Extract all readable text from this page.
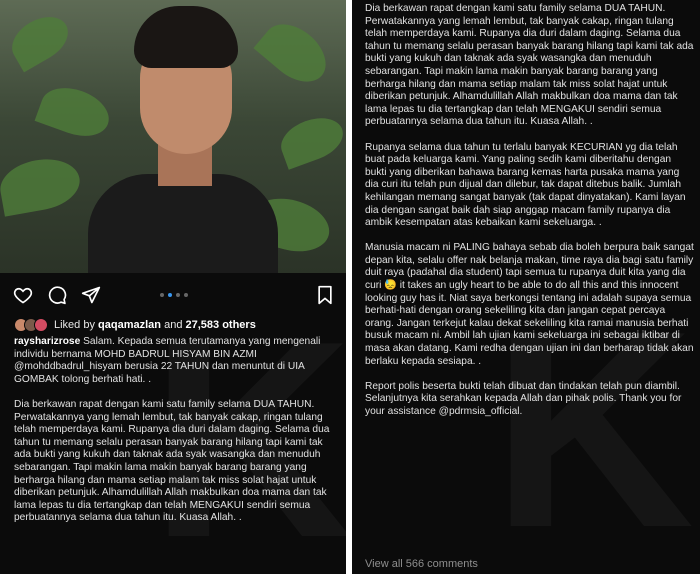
Liked by qaqamazlan and 27,583 others

raysharizrose Salam. Kepada semua terutamanya yang mengenali individu bernama MOHD BADRUL HISYAM BIN AZMI @mohddbadrul_hisyam berusia 22 TAHUN dan menuntut di UIA GOMBAK tolong berhati hati. .

Dia berkawan rapat dengan kami satu family selama DUA TAHUN. Perwatakannya yang lemah lembut, tak banyak cakap, ringan tulang telah memperdaya kami. Rupanya dia duri dalam daging. Selama dua tahun tu memang selalu perasan banyak barang hilang tapi kami tak ada bukti yang kukuh dan taknak ada syak wasangka dan menuduh sebarangan. Tapi makin lama makin banyak barang barang yang berharga hilang dan mama setiap malam tak miss solat hajat untuk diberikan petunjuk. Alhamdulillah Allah makbulkan doa mama dan tak lama lepas tu dia tertangkap dan telah MENGAKUI sendiri semua perbuatannya selama dua tahun itu. Kuasa Allah. .

Dia berkawan rapat dengan kami satu family selama DUA TAHUN. Perwatakannya yang lemah lembut, tak banyak cakap, ringan tulang telah memperdaya kami. Rupanya dia duri dalam daging. Selama dua tahun tu memang selalu perasan banyak barang hilang tapi kami tak ada bukti yang kukuh dan taknak ada syak wasangka dan menuduh sebarangan. Tapi makin lama makin banyak barang barang yang berharga hilang dan mama setiap malam tak miss solat hajat untuk diberikan petunjuk. Alhamdulillah Allah makbulkan doa mama dan tak lama lepas tu dia tertangkap dan telah MENGAKUI sendiri semua perbuatannya selama dua tahun itu. Kuasa Allah. .

Rupanya selama dua tahun tu terlalu banyak KECURIAN yg dia telah buat pada keluarga kami. Yang paling sedih kami diberitahu dengan bukti yang diberikan bahawa barang kemas harta pusaka mama yang dia curi itu telah pun dijual dan dilebur, tak dapat ditebus balik. Jumlah kehilangan memang sangat banyak (tak dapat dinyatakan). Kami layan dia dengan sangat baik dah siap anggap macam family rupanya dia ambik kesempatan atas kebaikan kami sekeluarga. .

Manusia macam ni PALING bahaya sebab dia boleh berpura baik sangat depan kita, selalu offer nak belanja makan, time raya dia bagi satu family duit raya (padahal dia student) tapi semua tu rupanya duit kita yang dia curi 😓 it takes an ugly heart to be able to do all this and this innocent looking guy has it. Niat saya berkongsi tentang ini adalah supaya semua berhati-hati dengan orang sekeliling kita dan jangan cepat percaya orang. Jangan terkejut kalau dekat sekeliling kita ramai manusia berhati busuk macam ni. Ambil lah ujian kami sekeluarga ini sebagai iktibar di masa akan datang. Kami redha dengan ujian ini dan berharap tidak akan berlaku kepada sesiapa. .

Report polis beserta bukti telah dibuat dan tindakan telah pun diambil. Selanjutnya kita serahkan kepada Allah dan pihak polis. Thank you for your assistance @pdrmsia_official.

View all 566 comments
